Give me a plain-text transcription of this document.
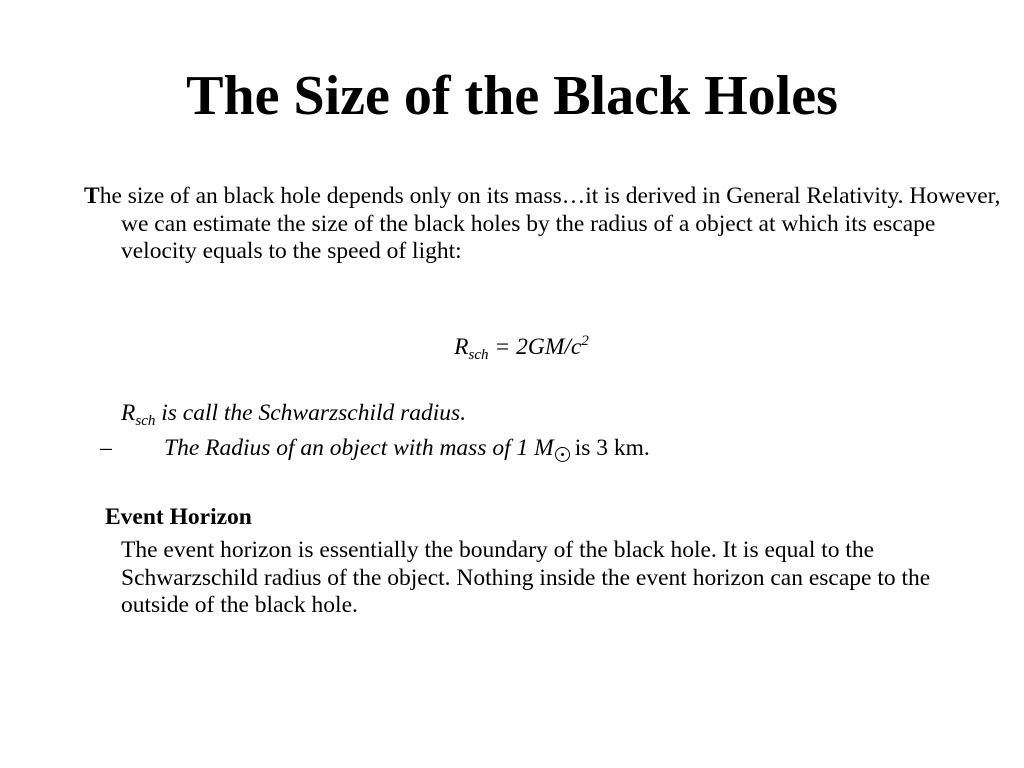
The Size of the Black Holes

The size of an black hole depends only on its mass…it is derived in General Relativity. However, we can estimate the size of the black holes by the radius of a object at which its escape velocity equals to the speed of light:

$R_{sch} = 2GM/c^2$

$R_{sch}$ is call the Schwarzschild radius.

– The Radius of an object with mass of 1 M is 3 km.

Event Horizon

The event horizon is essentially the boundary of the black hole. It is equal to the Schwarzschild radius of the object. Nothing inside the event horizon can escape to the outside of the black hole.
